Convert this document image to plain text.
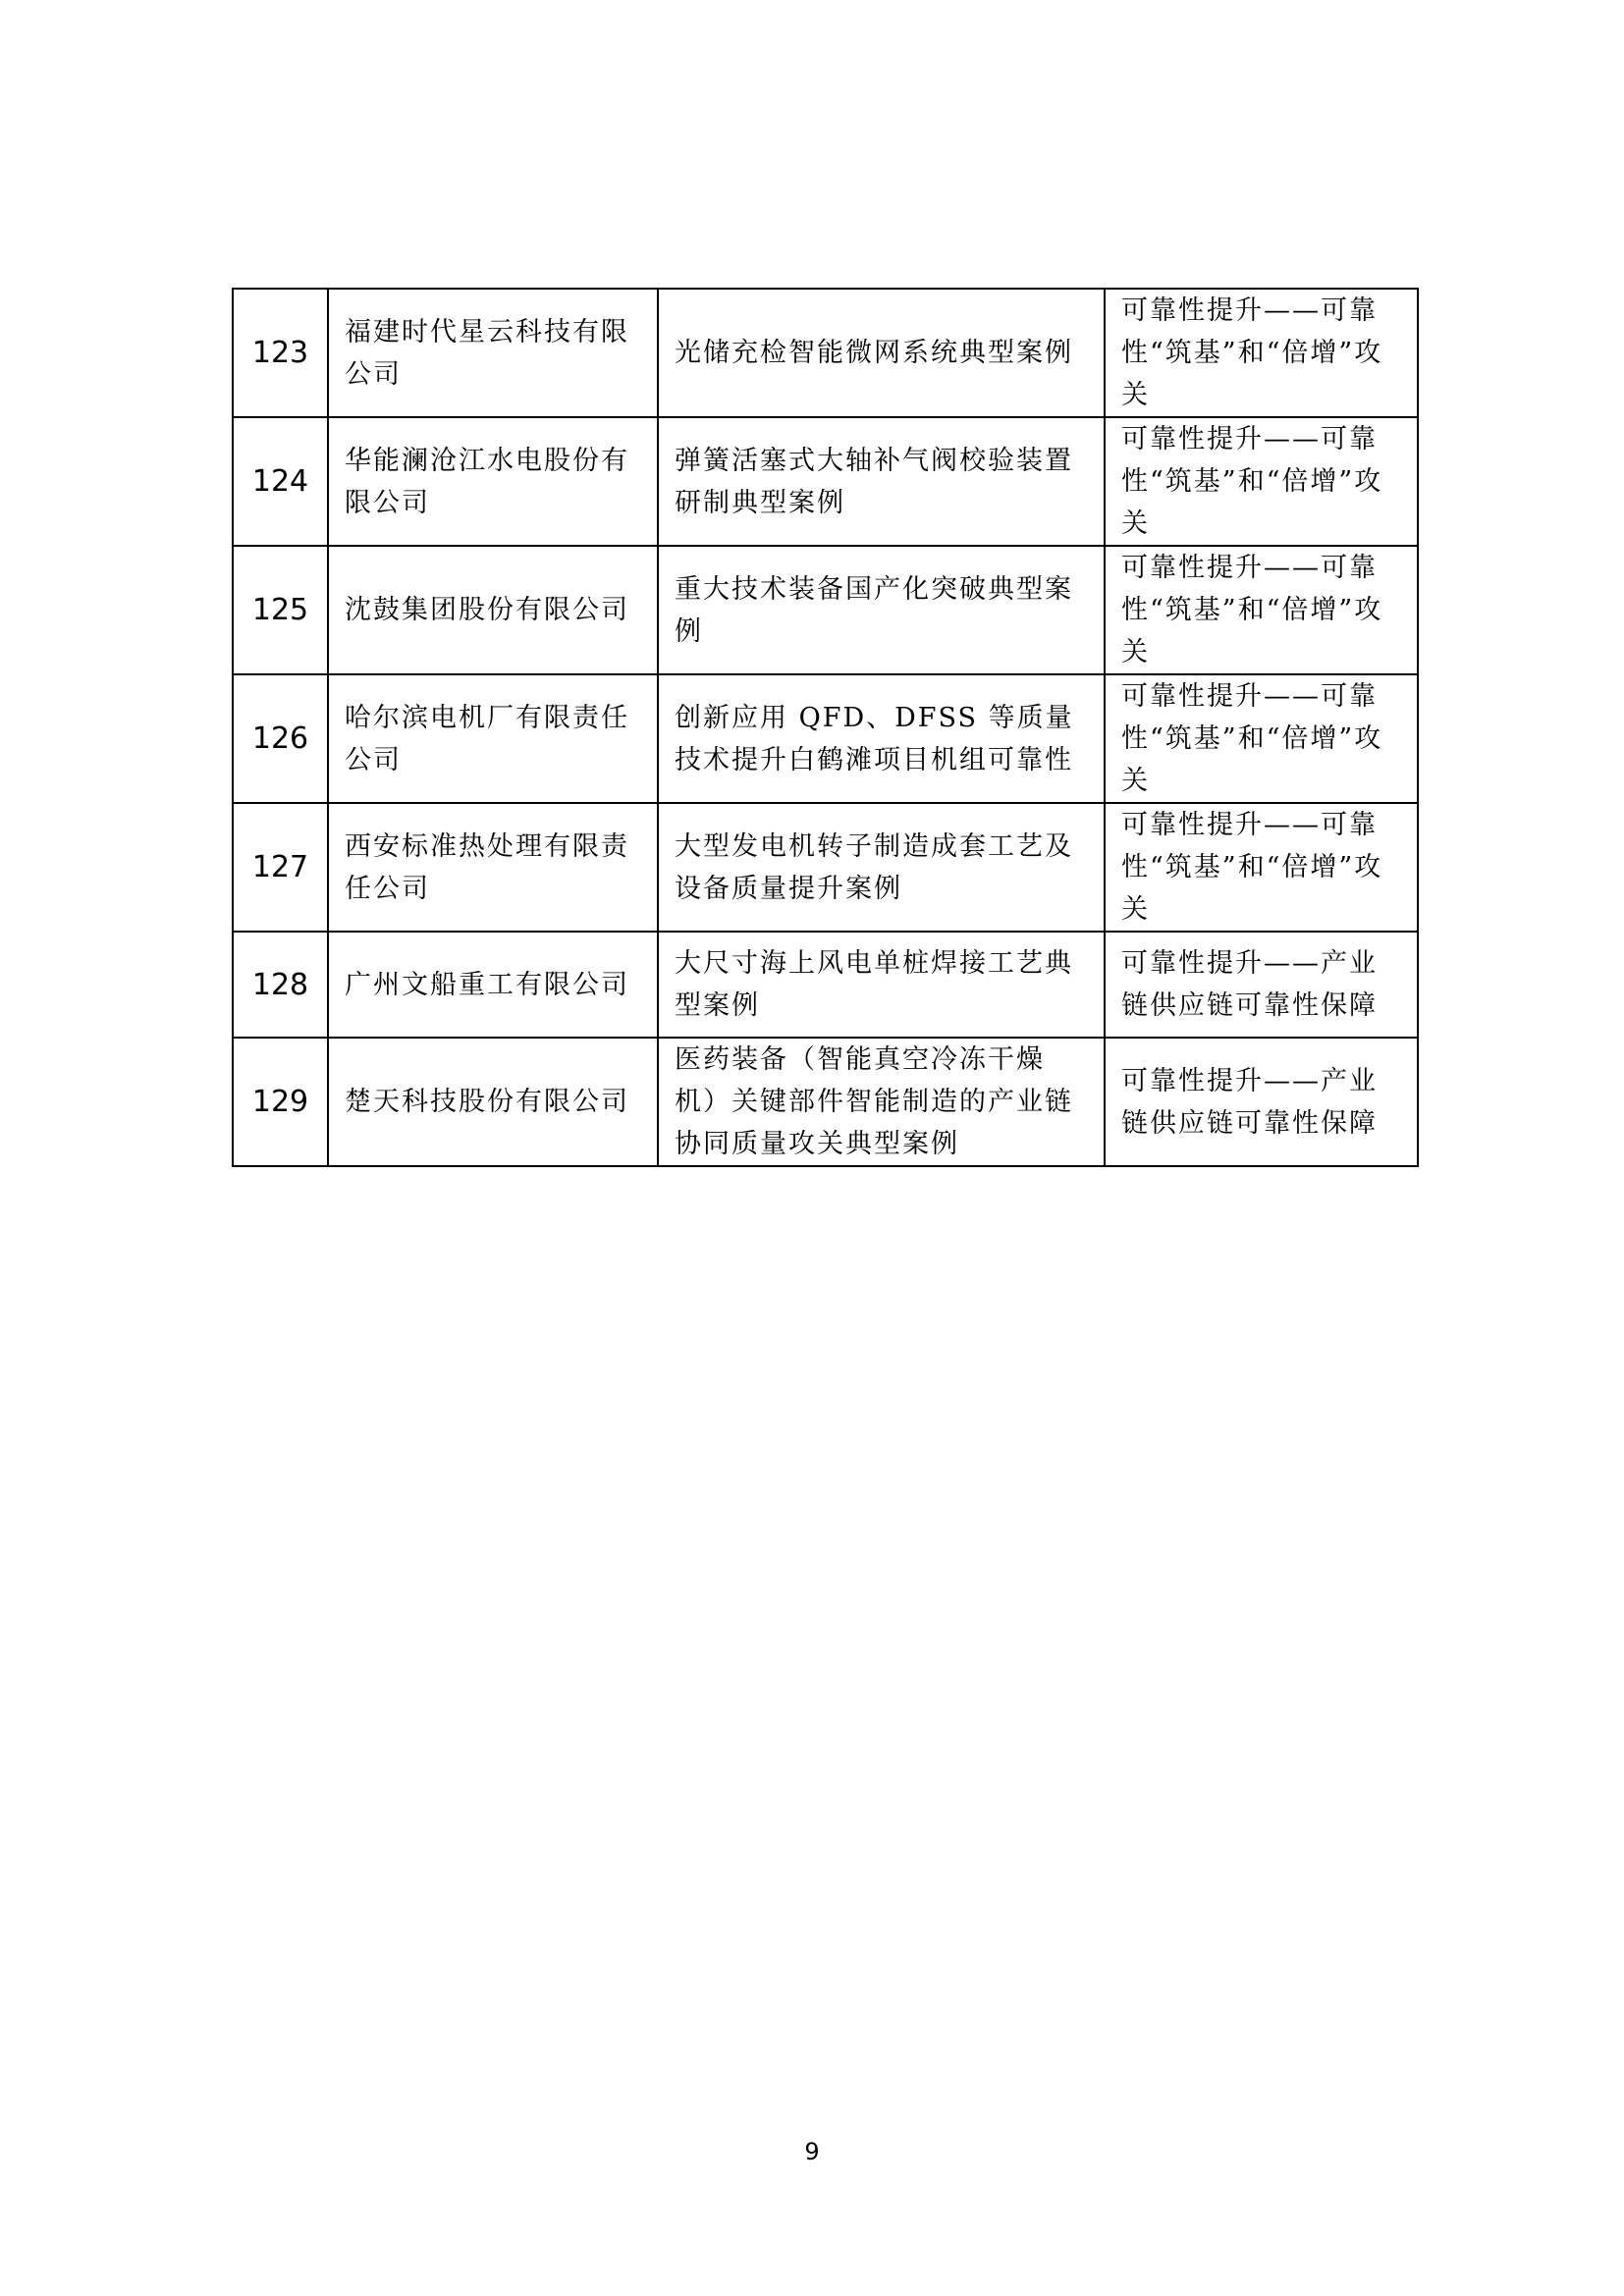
123	福建时代星云科技有限公司	光储充检智能微网系统典型案例	可靠性提升——可靠性“筑基”和“倍增”攻关
124	华能澜沧江水电股份有限公司	弹簧活塞式大轴补气阀校验装置研制典型案例	可靠性提升——可靠性“筑基”和“倍增”攻关
125	沈鼓集团股份有限公司	重大技术装备国产化突破典型案例	可靠性提升——可靠性“筑基”和“倍增”攻关
126	哈尔滨电机厂有限责任公司	创新应用 QFD、DFSS 等质量技术提升白鹤滩项目机组可靠性	可靠性提升——可靠性“筑基”和“倍增”攻关
127	西安标准热处理有限责任公司	大型发电机转子制造成套工艺及设备质量提升案例	可靠性提升——可靠性“筑基”和“倍增”攻关
128	广州文船重工有限公司	大尺寸海上风电单桩焊接工艺典型案例	可靠性提升——产业链供应链可靠性保障
129	楚天科技股份有限公司	医药装备（智能真空冷冻干燥机）关键部件智能制造的产业链协同质量攻关典型案例	可靠性提升——产业链供应链可靠性保障
9
